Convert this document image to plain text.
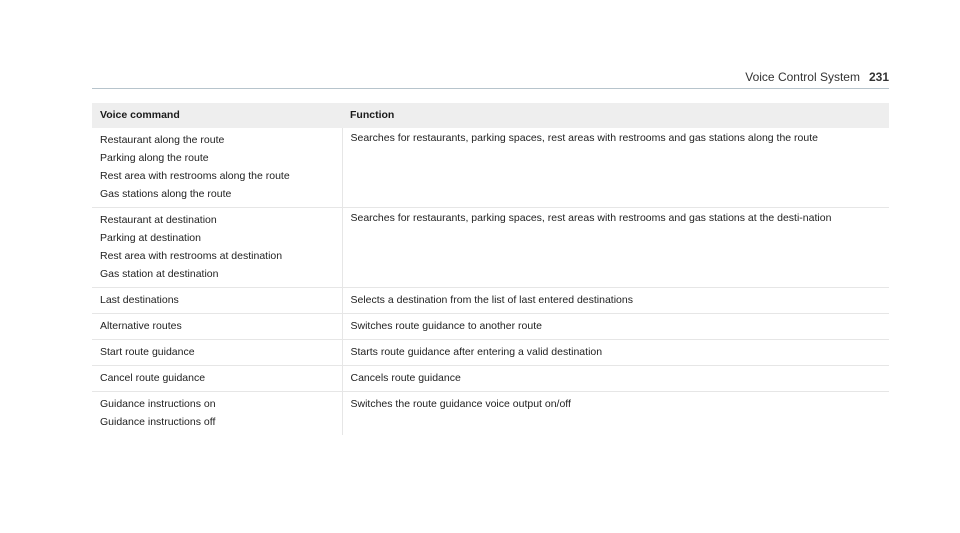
Voice Control System 231
Voice command	Function

Restaurant along the route
Parking along the route
Rest area with restrooms along the route
Gas stations along the route	Searches for restaurants, parking spaces, rest areas with restrooms and gas stations along the route

Restaurant at destination
Parking at destination
Rest area with restrooms at destination
Gas station at destination	Searches for restaurants, parking spaces, rest areas with restrooms and gas stations at the desti-nation

Last destinations	Selects a destination from the list of last entered destinations

Alternative routes	Switches route guidance to another route

Start route guidance	Starts route guidance after entering a valid destination

Cancel route guidance	Cancels route guidance

Guidance instructions on
Guidance instructions off	Switches the route guidance voice output on/off
